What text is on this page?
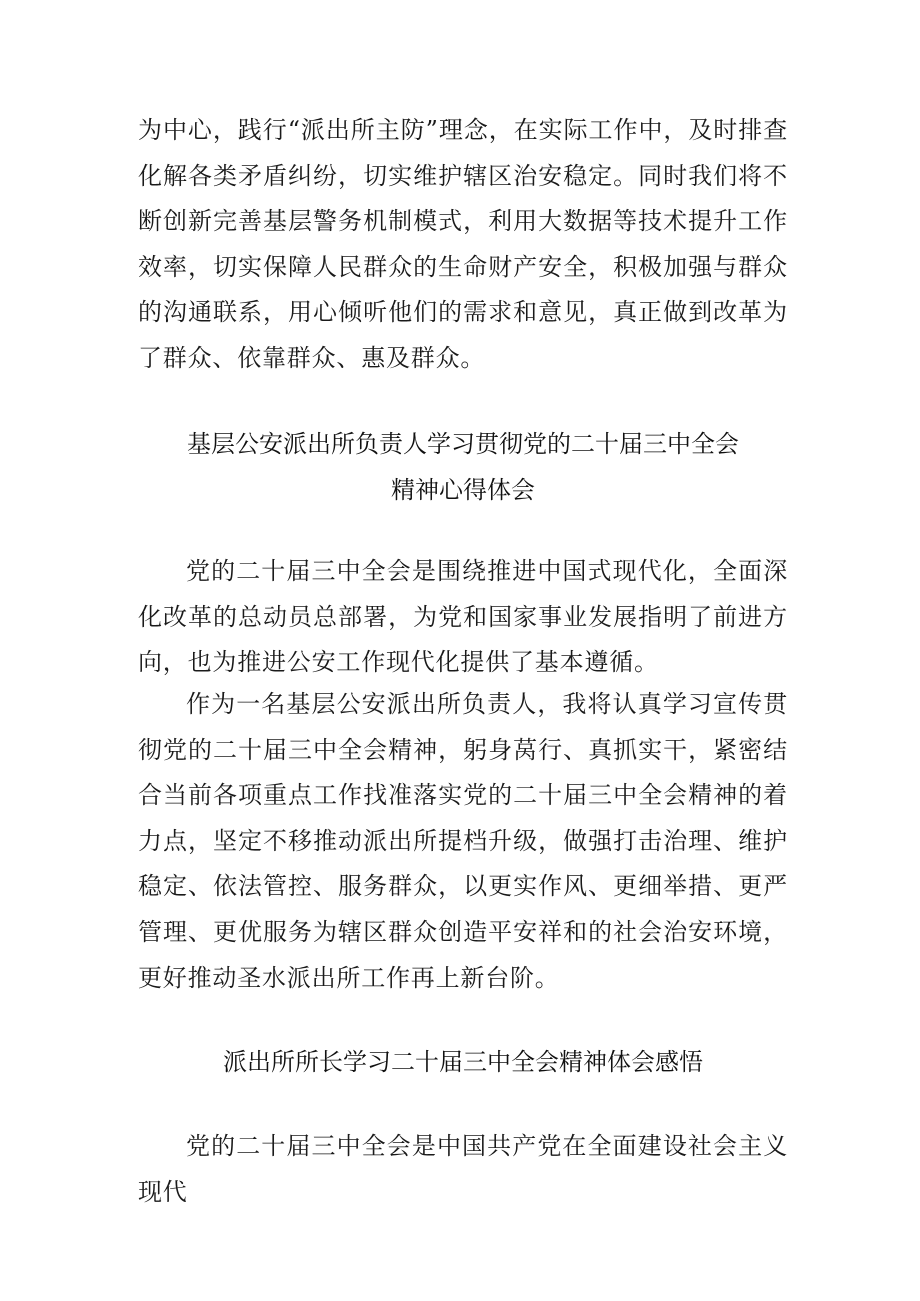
为中心，践行“派出所主防”理念，在实际工作中，及时排查化解各类矛盾纠纷，切实维护辖区治安稳定。同时我们将不断创新完善基层警务机制模式，利用大数据等技术提升工作效率，切实保障人民群众的生命财产安全，积极加强与群众的沟通联系，用心倾听他们的需求和意见，真正做到改革为了群众、依靠群众、惠及群众。

基层公安派出所负责人学习贯彻党的二十届三中全会
精神心得体会

党的二十届三中全会是围绕推进中国式现代化，全面深化改革的总动员总部署，为党和国家事业发展指明了前进方向，也为推进公安工作现代化提供了基本遵循。

作为一名基层公安派出所负责人，我将认真学习宣传贯彻党的二十届三中全会精神，躬身莴行、真抓实干，紧密结合当前各项重点工作找准落实党的二十届三中全会精神的着力点，坚定不移推动派出所提档升级，做强打击治理、维护稳定、依法管控、服务群众，以更实作风、更细举措、更严管理、更优服务为辖区群众创造平安祥和的社会治安环境，更好推动圣水派出所工作再上新台阶。

派出所所长学习二十届三中全会精神体会感悟

党的二十届三中全会是中国共产党在全面建设社会主义现代
